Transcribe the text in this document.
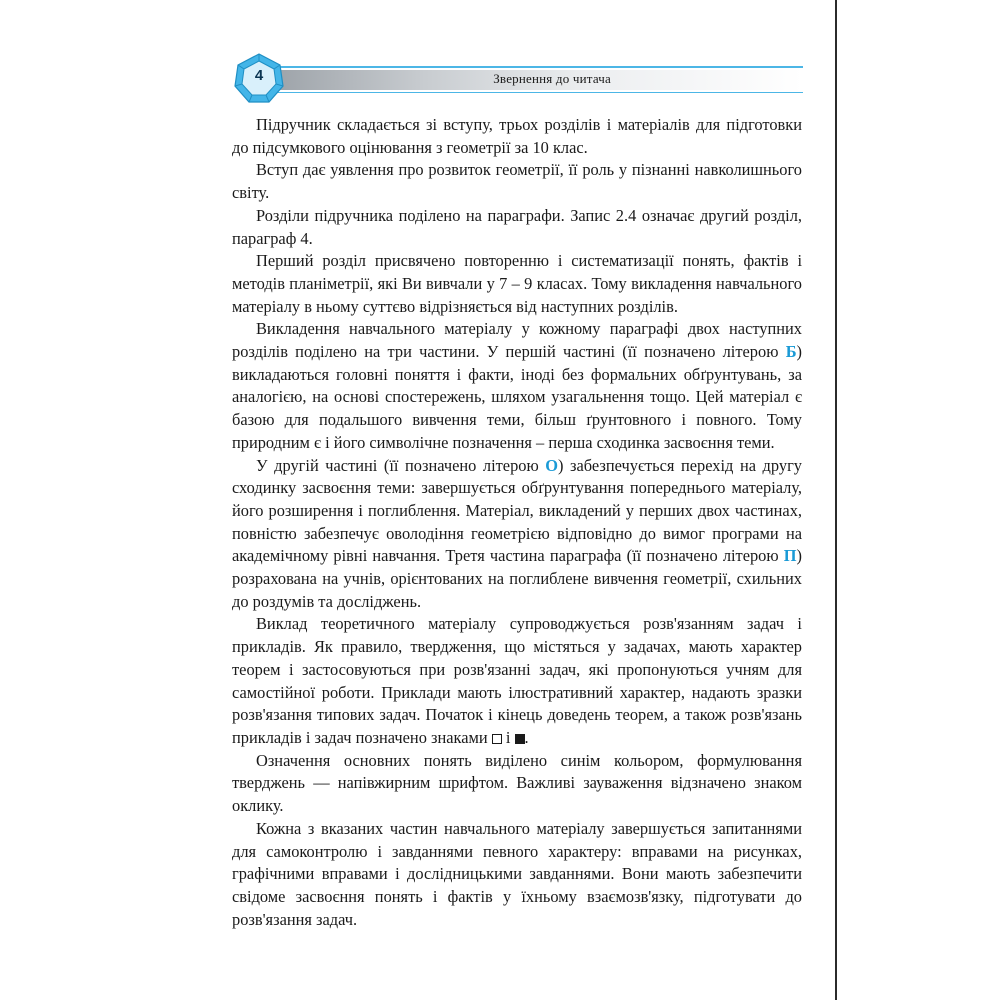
4	Звернення до читача

Підручник складається зі вступу, трьох розділів і матеріалів для підготовки до підсумкового оцінювання з геометрії за 10 клас.

Вступ дає уявлення про розвиток геометрії, її роль у пізнанні навколишнього світу.

Розділи підручника поділено на параграфи. Запис 2.4 означає другий розділ, параграф 4.

Перший розділ присвячено повторенню і систематизації понять, фактів і методів планіметрії, які Ви вивчали у 7 – 9 класах. Тому викладення навчального матеріалу в ньому суттєво відрізняється від наступних розділів.

Викладення навчального матеріалу у кожному параграфі двох наступних розділів поділено на три частини. У першій частині (її позначено літерою Б) викладаються головні поняття і факти, іноді без формальних обґрунтувань, за аналогією, на основі спостережень, шляхом узагальнення тощо. Цей матеріал є базою для подальшого вивчення теми, більш ґрунтовного і повного. Тому природним є і його символічне позначення – перша сходинка засвоєння теми.

У другій частині (її позначено літерою О) забезпечується перехід на другу сходинку засвоєння теми: завершується обґрунтування попереднього матеріалу, його розширення і поглиблення. Матеріал, викладений у перших двох частинах, повністю забезпечує оволодіння геометрією відповідно до вимог програми на академічному рівні навчання. Третя частина параграфа (її позначено літерою П) розрахована на учнів, орієнтованих на поглиблене вивчення геометрії, схильних до роздумів та досліджень.

Виклад теоретичного матеріалу супроводжується розв'язанням задач і прикладів. Як правило, твердження, що містяться у задачах, мають характер теорем і застосовуються при розв'язанні задач, які пропонуються учням для самостійної роботи. Приклади мають ілюстративний характер, надають зразки розв'язання типових задач. Початок і кінець доведень теорем, а також розв'язань прикладів і задач позначено знаками  і .

Означення основних понять виділено синім кольором, формулювання тверджень — напівжирним шрифтом. Важливі зауваження відзначено знаком оклику.

Кожна з вказаних частин навчального матеріалу завершується запитаннями для самоконтролю і завданнями певного характеру: вправами на рисунках, графічними вправами і дослідницькими завданнями. Вони мають забезпечити свідоме засвоєння понять і фактів у їхньому взаємозв'язку, підготувати до розв'язання задач.
